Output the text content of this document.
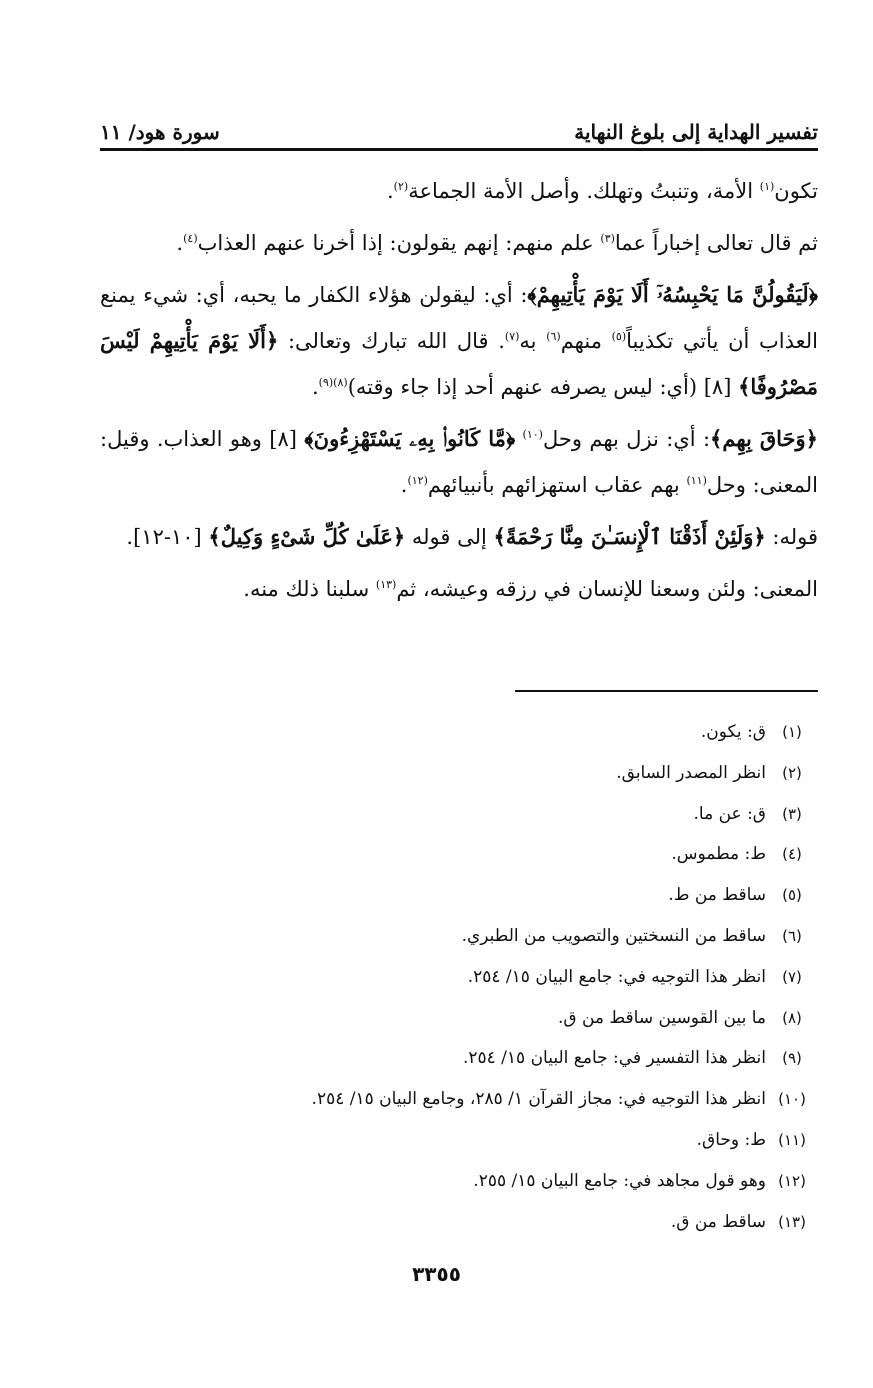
تفسير الهداية إلى بلوغ النهاية
سورة هود/ ١١

تكون$^{(١)}$ الأمة، وتنبتُ وتهلك. وأصل الأمة الجماعة$^{(٢)}$.

ثم قال تعالى إخباراً عما$^{(٣)}$ علم منهم: إنهم يقولون: إذا أخرنا عنهم العذاب$^{(٤)}$.

﴿لَيَقُولُنَّ مَا يَحْبِسُهُۥٓ أَلَا يَوْمَ يَأْتِيهِمْ﴾: أي: ليقولن هؤلاء الكفار ما يحبه، أي: شيء يمنع العذاب أن يأتي تكذيباً$^{(٥)}$ منهم$^{(٦)}$ به$^{(٧)}$. قال الله تبارك وتعالى: ﴿أَلَا يَوْمَ يَأْتِيهِمْ لَيْسَ مَصْرُوفًا﴾ [٨] (أي: ليس يصرفه عنهم أحد إذا جاء وقته)$^{(٨)(٩)}$.

﴿وَحَاقَ بِهِم﴾: أي: نزل بهم وحل$^{(١٠)}$ ﴿مَّا كَانُوا۟ بِهِۦ يَسْتَهْزِءُونَ﴾ [٨] وهو العذاب. وقيل: المعنى: وحل$^{(١١)}$ بهم عقاب استهزائهم بأنبيائهم$^{(١٢)}$.

قوله: ﴿وَلَئِنْ أَذَقْنَا ٱلْإِنسَـٰنَ مِنَّا رَحْمَةً﴾ إلى قوله ﴿عَلَىٰ كُلِّ شَىْءٍ وَكِيلٌ﴾ [١٠-١٢].

المعنى: ولئن وسعنا للإنسان في رزقه وعيشه، ثم$^{(١٣)}$ سلبنا ذلك منه.

(١)
ق: يكون.
(٢)
انظر المصدر السابق.
(٣)
ق: عن ما.
(٤)
ط: مطموس.
(٥)
ساقط من ط.
(٦)
ساقط من النسختين والتصويب من الطبري.
(٧)
انظر هذا التوجيه في: جامع البيان ١٥/ ٢٥٤.
(٨)
ما بين القوسين ساقط من ق.
(٩)
انظر هذا التفسير في: جامع البيان ١٥/ ٢٥٤.
(١٠)
انظر هذا التوجيه في: مجاز القرآن ١/ ٢٨٥، وجامع البيان ١٥/ ٢٥٤.
(١١)
ط: وحاق.
(١٢)
وهو قول مجاهد في: جامع البيان ١٥/ ٢٥٥.
(١٣)
ساقط من ق.
٣٣٥٥
